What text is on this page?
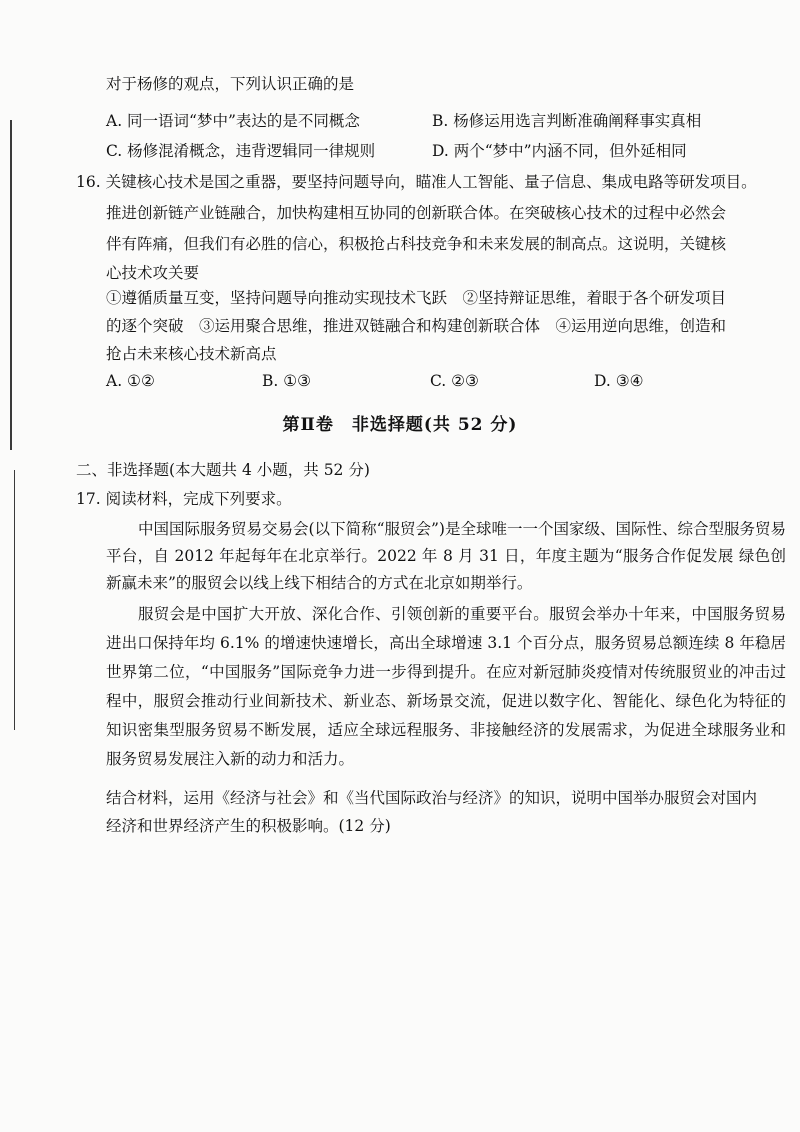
对于杨修的观点，下列认识正确的是
A. 同一语词“梦中”表达的是不同概念	B. 杨修运用选言判断准确阐释事实真相
C. 杨修混淆概念，违背逻辑同一律规则	D. 两个“梦中”内涵不同，但外延相同
16. 关键核心技术是国之重器，要坚持问题导向，瞄准人工智能、量子信息、集成电路等研发项目。
推进创新链产业链融合，加快构建相互协同的创新联合体。在突破核心技术的过程中必然会
伴有阵痛，但我们有必胜的信心，积极抢占科技竞争和未来发展的制高点。这说明，关键核
心技术攻关要
①遵循质量互变，坚持问题导向推动实现技术飞跃　②坚持辩证思维，着眼于各个研发项目
的逐个突破　③运用聚合思维，推进双链融合和构建创新联合体　④运用逆向思维，创造和
抢占未来核心技术新高点
A. ①②	B. ①③	C. ②③	D. ③④
第Ⅱ卷　非选择题(共 52 分)
二、非选择题(本大题共 4 小题，共 52 分)
17. 阅读材料，完成下列要求。
中国国际服务贸易交易会(以下简称“服贸会”)是全球唯一一个国家级、国际性、综合型服务贸易平台，自 2012 年起每年在北京举行。2022 年 8 月 31 日，年度主题为“服务合作促发展 绿色创新赢未来”的服贸会以线上线下相结合的方式在北京如期举行。
服贸会是中国扩大开放、深化合作、引领创新的重要平台。服贸会举办十年来，中国服务贸易进出口保持年均 6.1% 的增速快速增长，高出全球增速 3.1 个百分点，服务贸易总额连续 8 年稳居世界第二位，“中国服务”国际竞争力进一步得到提升。在应对新冠肺炎疫情对传统服贸业的冲击过程中，服贸会推动行业间新技术、新业态、新场景交流，促进以数字化、智能化、绿色化为特征的知识密集型服务贸易不断发展，适应全球远程服务、非接触经济的发展需求，为促进全球服务业和服务贸易发展注入新的动力和活力。
结合材料，运用《经济与社会》和《当代国际政治与经济》的知识，说明中国举办服贸会对国内
经济和世界经济产生的积极影响。(12 分)
